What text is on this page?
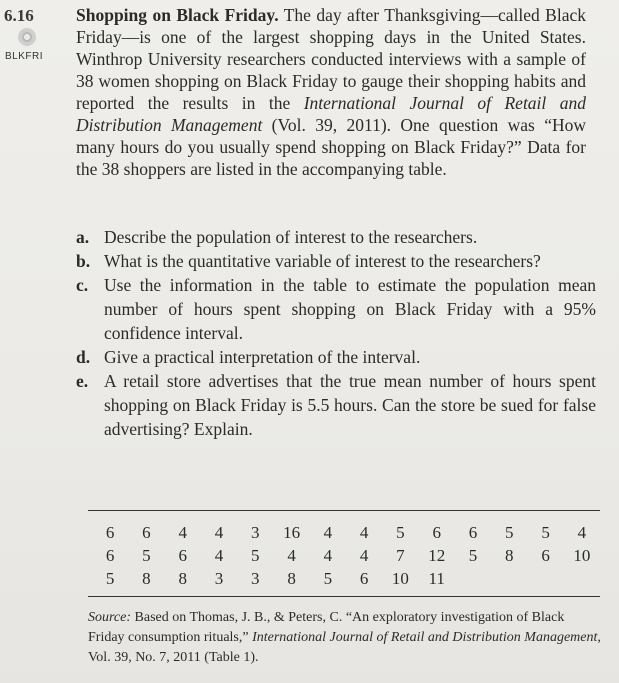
6.16
BLKFRI
Shopping on Black Friday. The day after Thanksgiving—called Black Friday—is one of the largest shopping days in the United States. Winthrop University researchers conducted interviews with a sample of 38 women shopping on Black Friday to gauge their shopping habits and reported the results in the International Journal of Retail and Distribution Management (Vol. 39, 2011). One question was “How many hours do you usually spend shopping on Black Friday?” Data for the 38 shoppers are listed in the accompanying table.
a. Describe the population of interest to the researchers.
b. What is the quantitative variable of interest to the researchers?
c. Use the information in the table to estimate the population mean number of hours spent shopping on Black Friday with a 95% confidence interval.
d. Give a practical interpretation of the interval.
e. A retail store advertises that the true mean number of hours spent shopping on Black Friday is 5.5 hours. Can the store be sued for false advertising? Explain.
6	6	4	4	3	16	4	4	5	6	6	5	5	4
6	5	6	4	5	4	4	4	7	12	5	8	6	10
5	8	8	3	3	8	5	6	10	11
Source: Based on Thomas, J. B., & Peters, C. “An exploratory investigation of Black Friday consumption rituals,” International Journal of Retail and Distribution Management, Vol. 39, No. 7, 2011 (Table 1).
